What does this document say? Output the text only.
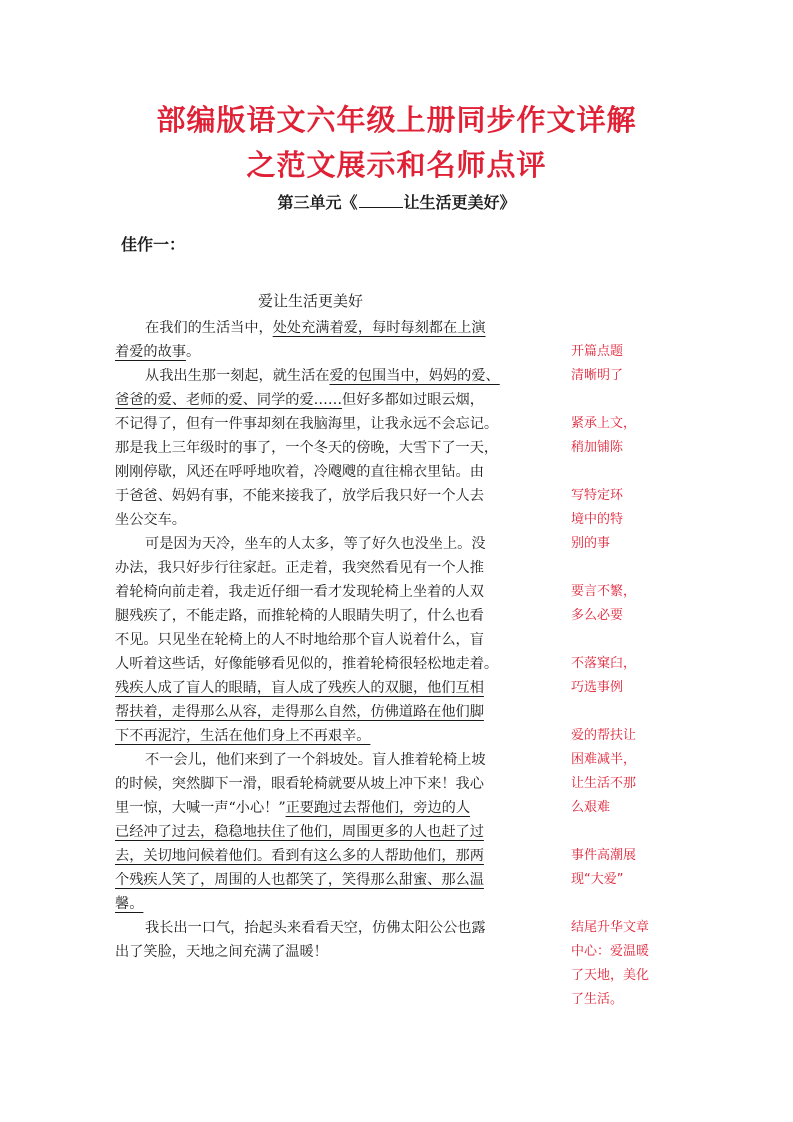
部编版语文六年级上册同步作文详解
之范文展示和名师点评
第三单元《	让生活更美好》
佳作一：
爱让生活更美好
在我们的生活当中，处处充满着爱，每时每刻都在上演
着爱的故事。
从我出生那一刻起，就生活在爱的包围当中，妈妈的爱、
爸爸的爱、老师的爱、同学的爱……但好多都如过眼云烟，
不记得了，但有一件事却刻在我脑海里，让我永远不会忘记。
那是我上三年级时的事了，一个冬天的傍晚，大雪下了一天，
刚刚停歇，风还在呼呼地吹着，冷飕飕的直往棉衣里钻。由
于爸爸、妈妈有事，不能来接我了，放学后我只好一个人去
坐公交车。
可是因为天冷，坐车的人太多，等了好久也没坐上。没
办法，我只好步行往家赶。正走着，我突然看见有一个人推
着轮椅向前走着，我走近仔细一看才发现轮椅上坐着的人双
腿残疾了，不能走路，而推轮椅的人眼睛失明了，什么也看
不见。只见坐在轮椅上的人不时地给那个盲人说着什么，盲
人听着这些话，好像能够看见似的，推着轮椅很轻松地走着。
残疾人成了盲人的眼睛，盲人成了残疾人的双腿，他们互相
帮扶着，走得那么从容，走得那么自然，仿佛道路在他们脚
下不再泥泞，生活在他们身上不再艰辛。
不一会儿，他们来到了一个斜坡处。盲人推着轮椅上坡
的时候，突然脚下一滑，眼看轮椅就要从坡上冲下来！我心
里一惊，大喊一声“小心！”正要跑过去帮他们，旁边的人
已经冲了过去，稳稳地扶住了他们，周围更多的人也赶了过
去，关切地问候着他们。看到有这么多的人帮助他们，那两
个残疾人笑了，周围的人也都笑了，笑得那么甜蜜、那么温
馨。
我长出一口气，抬起头来看看天空，仿佛太阳公公也露
出了笑脸，天地之间充满了温暖！
开篇点题
清晰明了
紧承上文，
稍加铺陈
写特定环
境中的特
别的事
要言不繁，
多么必要
不落窠臼，
巧选事例
爱的帮扶让
困难减半，
让生活不那
么艰难
事件高潮展
现“大爱”
结尾升华文章
中心：爱温暖
了天地，美化
了生活。
